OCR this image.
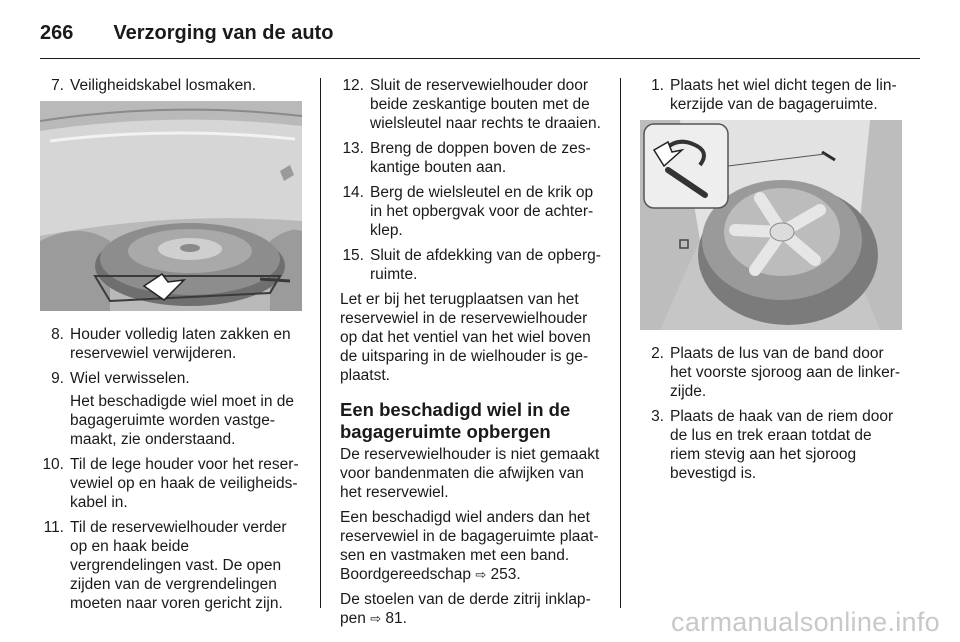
266 Verzorging van de auto
7. Veiligheidskabel losmaken.
8. Houder volledig laten zakken en reservewiel verwijderen.
9. Wiel verwisselen.
Het beschadigde wiel moet in de bagageruimte worden vastgemaakt, zie onderstaand.
10. Til de lege houder voor het reservewiel op en haak de veiligheidskabel in.
11. Til de reservewielhouder verder op en haak beide vergrendelingen vast. De open zijden van de vergrendelingen moeten naar voren gericht zijn.
12. Sluit de reservewielhouder door beide zeskantige bouten met de wielsleutel naar rechts te draaien.
13. Breng de doppen boven de zeskantige bouten aan.
14. Berg de wielsleutel en de krik op in het opbergvak voor de achterklep.
15. Sluit de afdekking van de opbergruimte.
Let er bij het terugplaatsen van het reservewiel in de reservewielhouder op dat het ventiel van het wiel boven de uitsparing in de wielhouder is geplaatst.
Een beschadigd wiel in de bagageruimte opbergen
De reservewielhouder is niet gemaakt voor bandenmaten die afwijken van het reservewiel.
Een beschadigd wiel anders dan het reservewiel in de bagageruimte plaatsen en vastmaken met een band. Boordgereedschap ⇨ 253.
De stoelen van de derde zitrij inklappen ⇨ 81.
1. Plaats het wiel dicht tegen de linkerzijde van de bagageruimte.
2. Plaats de lus van de band door het voorste sjoroog aan de linkerzijde.
3. Plaats de haak van de riem door de lus en trek eraan totdat de riem stevig aan het sjoroog bevestigd is.
carmanualsonline.info
